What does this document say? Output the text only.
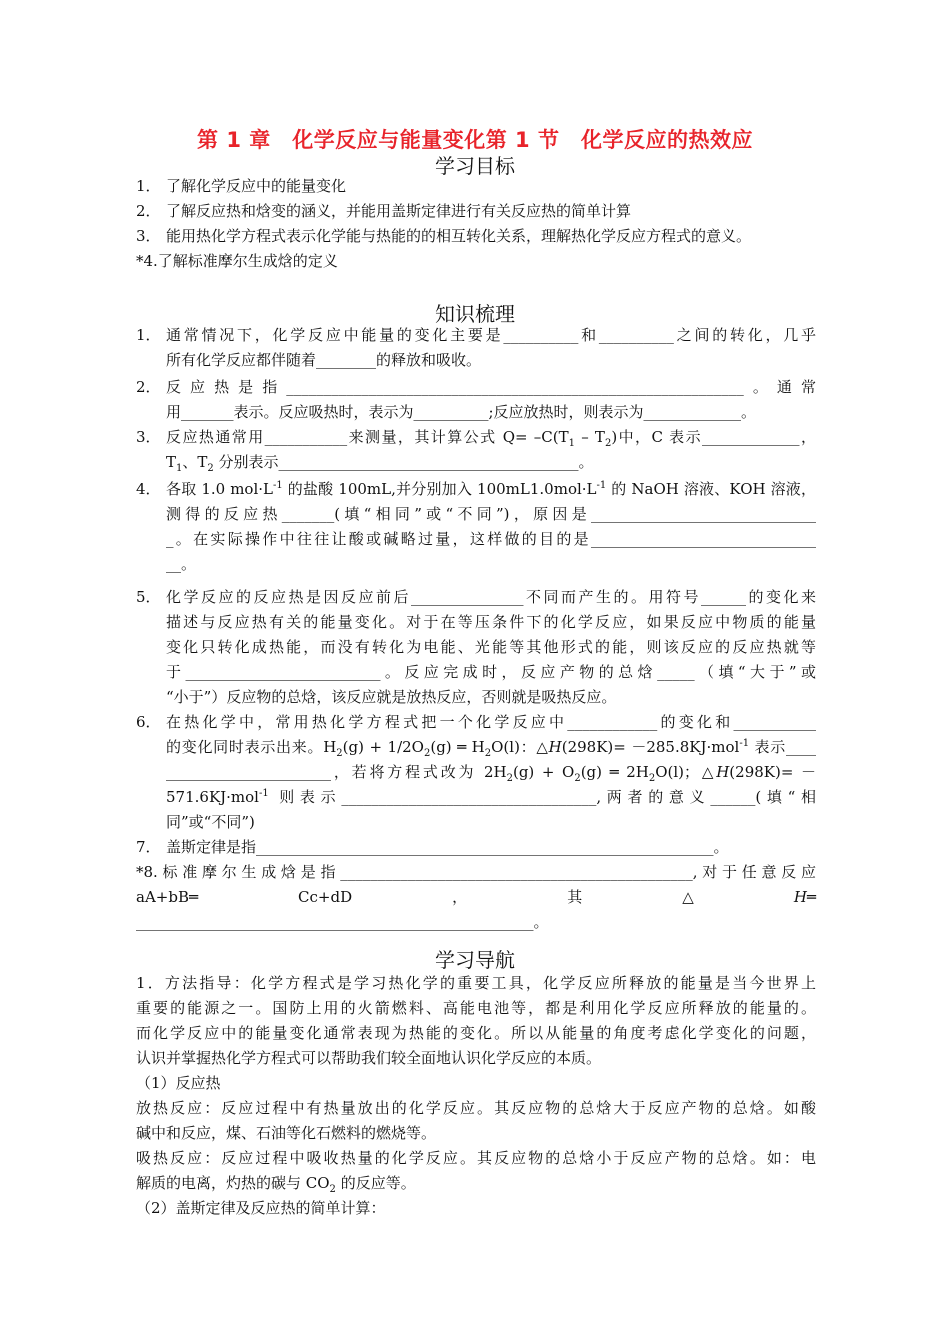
第 1 章　化学反应与能量变化第 1 节　化学反应的热效应
学习目标
1． 了解化学反应中的能量变化
2． 了解反应热和焓变的涵义，并能用盖斯定律进行有关反应热的简单计算
3． 能用热化学方程式表示化学能与热能的的相互转化关系，理解热化学反应方程式的意义。
*4.了解标准摩尔生成焓的定义
知识梳理
1． 通常情况下，化学反应中能量的变化主要是__________和__________之间的转化，几乎
所有化学反应都伴随着________的释放和吸收。
2． 反应热是指_____________________________________________________________。通常
用_______表示。反应吸热时，表示为__________;反应放热时，则表示为_____________。
3． 反应热通常用___________来测量，其计算公式 $Q= -C(T_1 - T_2)$中，C 表示_____________，
$T_1$、$T_2$ 分别表示________________________________________。
4． 各取 1.0 $mol\cdot L^{-1}$ 的盐酸 100mL,并分别加入 $100mL1.0mol\cdot L^{-1}$ 的 NaOH 溶液、KOH 溶液，
测得的反应热_______(填“相同”或“不同”)，原因是______________________________
_。在实际操作中往往让酸或碱略过量，这样做的目的是______________________________
__。
5． 化学反应的反应热是因反应前后_______________不同而产生的。用符号______的变化来
描述与反应热有关的能量变化。对于在等压条件下的化学反应，如果反应中物质的能量
变化只转化成热能，而没有转化为电能、光能等其他形式的能，则该反应的反应热就等
于__________________________。反应完成时，反应产物的总焓_____（填“大于”或
“小于”）反应物的总焓，该反应就是放热反应，否则就是吸热反应。
6． 在热化学中，常用热化学方程式把一个化学反应中____________的变化和___________
的变化同时表示出来。$H_2(g) + 1/2O_2(g)$ ═ $H_2O(l)$：△H(298K)= －285.8KJ·mol$^{-1}$ 表示____
______________________，若将方程式改为 $2H_2(g) + O_2(g)$ ═ $2H_2O(l)$；△H(298K)= －
571.6KJ·mol$^{-1}$ 则表示__________________________________,两者的意义______(填“相
同”或“不同”)
7． 盖斯定律是指_____________________________________________________________。
*8.标准摩尔生成焓是指_______________________________________________,对于任意反应
aA+bB═	Cc+dD	，	其	△	H═
_____________________________________________________。
学习导航
1．方法指导：化学方程式是学习热化学的重要工具，化学反应所释放的能量是当今世界上
重要的能源之一。国防上用的火箭燃料、高能电池等，都是利用化学反应所释放的能量的。
而化学反应中的能量变化通常表现为热能的变化。所以从能量的角度考虑化学变化的问题，
认识并掌握热化学方程式可以帮助我们较全面地认识化学反应的本质。
（1）反应热
放热反应：反应过程中有热量放出的化学反应。其反应物的总焓大于反应产物的总焓。如酸
碱中和反应，煤、石油等化石燃料的燃烧等。
吸热反应：反应过程中吸收热量的化学反应。其反应物的总焓小于反应产物的总焓。如：电
解质的电离，灼热的碳与 $CO_2$ 的反应等。
（2）盖斯定律及反应热的简单计算：
